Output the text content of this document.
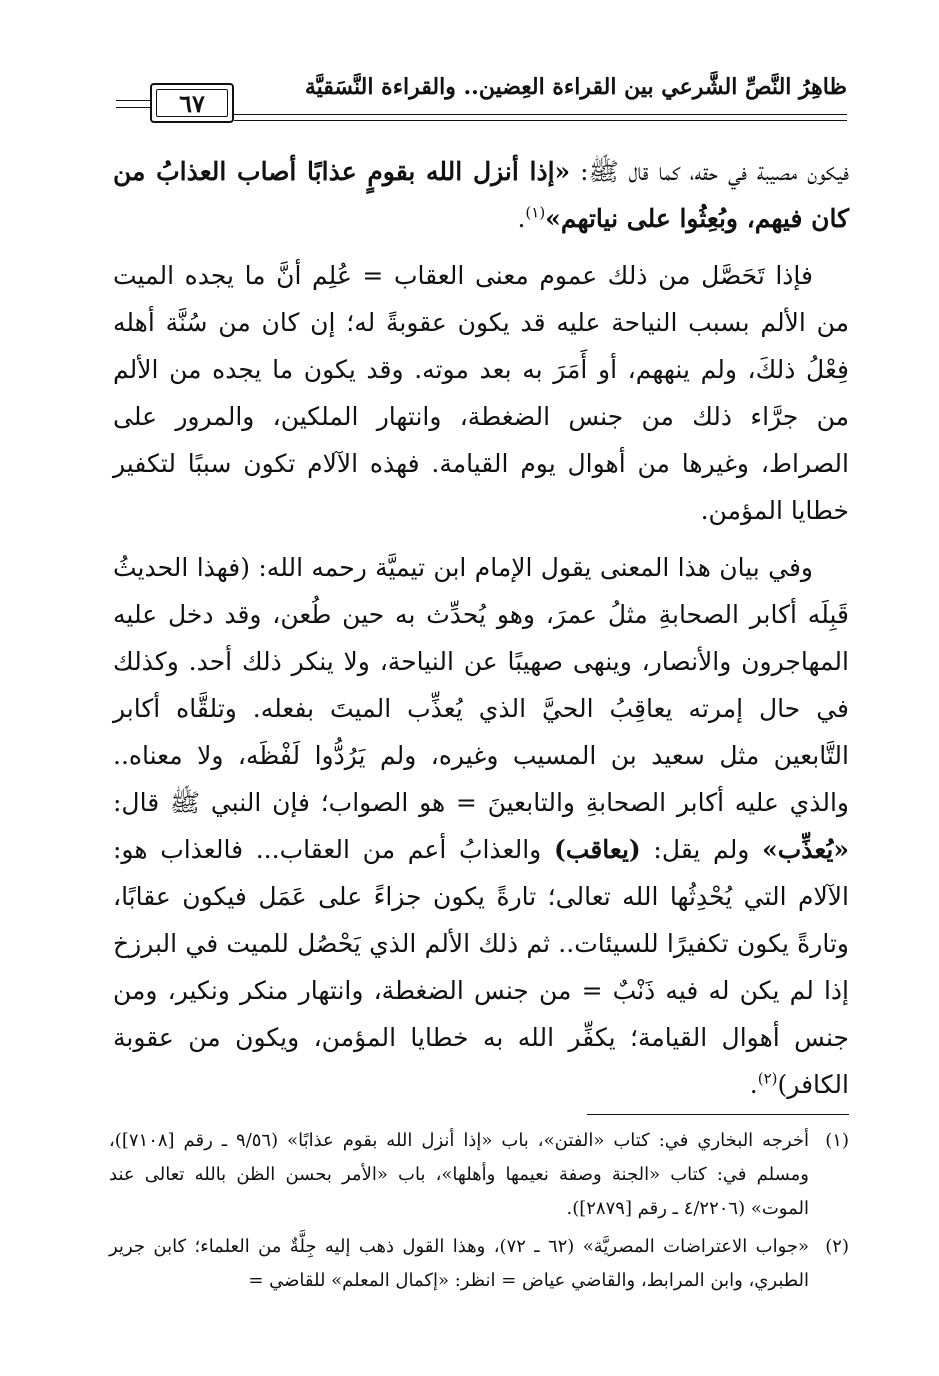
ظاهِرُ النَّصِّ الشَّرعي بين القراءة العِضين.. والقراءة النَّسَقيَّة
٦٧

فيكون مصيبة في حقه، كما قال ﷺ: «إذا أنزل الله بقومٍ عذابًا أصاب العذابُ من كان فيهم، وبُعِثُوا على نياتهم»$^{(١)}$.

فإذا تَحَصَّل من ذلك عموم معنى العقاب = عُلِم أنَّ ما يجده الميت من الألم بسبب النياحة عليه قد يكون عقوبةً له؛ إن كان من سُنَّة أهله فِعْلُ ذلكَ، ولم ينههم، أو أَمَرَ به بعد موته. وقد يكون ما يجده من الألم من جرَّاء ذلك من جنس الضغطة، وانتهار الملكين، والمرور على الصراط، وغيرها من أهوال يوم القيامة. فهذه الآلام تكون سببًا لتكفير خطايا المؤمن.

وفي بيان هذا المعنى يقول الإمام ابن تيميَّة رحمه الله: (فهذا الحديثُ قَبِلَه أكابر الصحابةِ مثلُ عمرَ، وهو يُحدِّث به حين طُعن، وقد دخل عليه المهاجرون والأنصار، وينهى صهيبًا عن النياحة، ولا ينكر ذلك أحد. وكذلك في حال إمرته يعاقِبُ الحيَّ الذي يُعذِّب الميتَ بفعله. وتلقَّاه أكابر التَّابعين مثل سعيد بن المسيب وغيره، ولم يَرُدُّوا لَفْظَه، ولا معناه.. والذي عليه أكابر الصحابةِ والتابعينَ = هو الصواب؛ فإن النبي ﷺ قال: «يُعذِّب» ولم يقل: (يعاقب) والعذابُ أعم من العقاب... فالعذاب هو: الآلام التي يُحْدِثُها الله تعالى؛ تارةً يكون جزاءً على عَمَل فيكون عقابًا، وتارةً يكون تكفيرًا للسيئات.. ثم ذلك الألم الذي يَحْصُل للميت في البرزخ إذا لم يكن له فيه ذَنْبٌ = من جنس الضغطة، وانتهار منكر ونكير، ومن جنس أهوال القيامة؛ يكفِّر الله به خطايا المؤمن، ويكون من عقوبة الكافر)$^{(٢)}$.

(١)
أخرجه البخاري في: كتاب «الفتن»، باب «إذا أنزل الله بقوم عذابًا» (٩/٥٦ ـ رقم [٧١٠٨])، ومسلم في: كتاب «الجنة وصفة نعيمها وأهلها»، باب «الأمر بحسن الظن بالله تعالى عند الموت» (٤/٢٢٠٦ ـ رقم [٢٨٧٩]).
(٢)
«جواب الاعتراضات المصريَّة» (٦٢ ـ ٧٢)، وهذا القول ذهب إليه جِلَّةٌ من العلماء؛ كابن جرير الطبري، وابن المرابط، والقاضي عياض = انظر: «إكمال المعلم» للقاضي =
